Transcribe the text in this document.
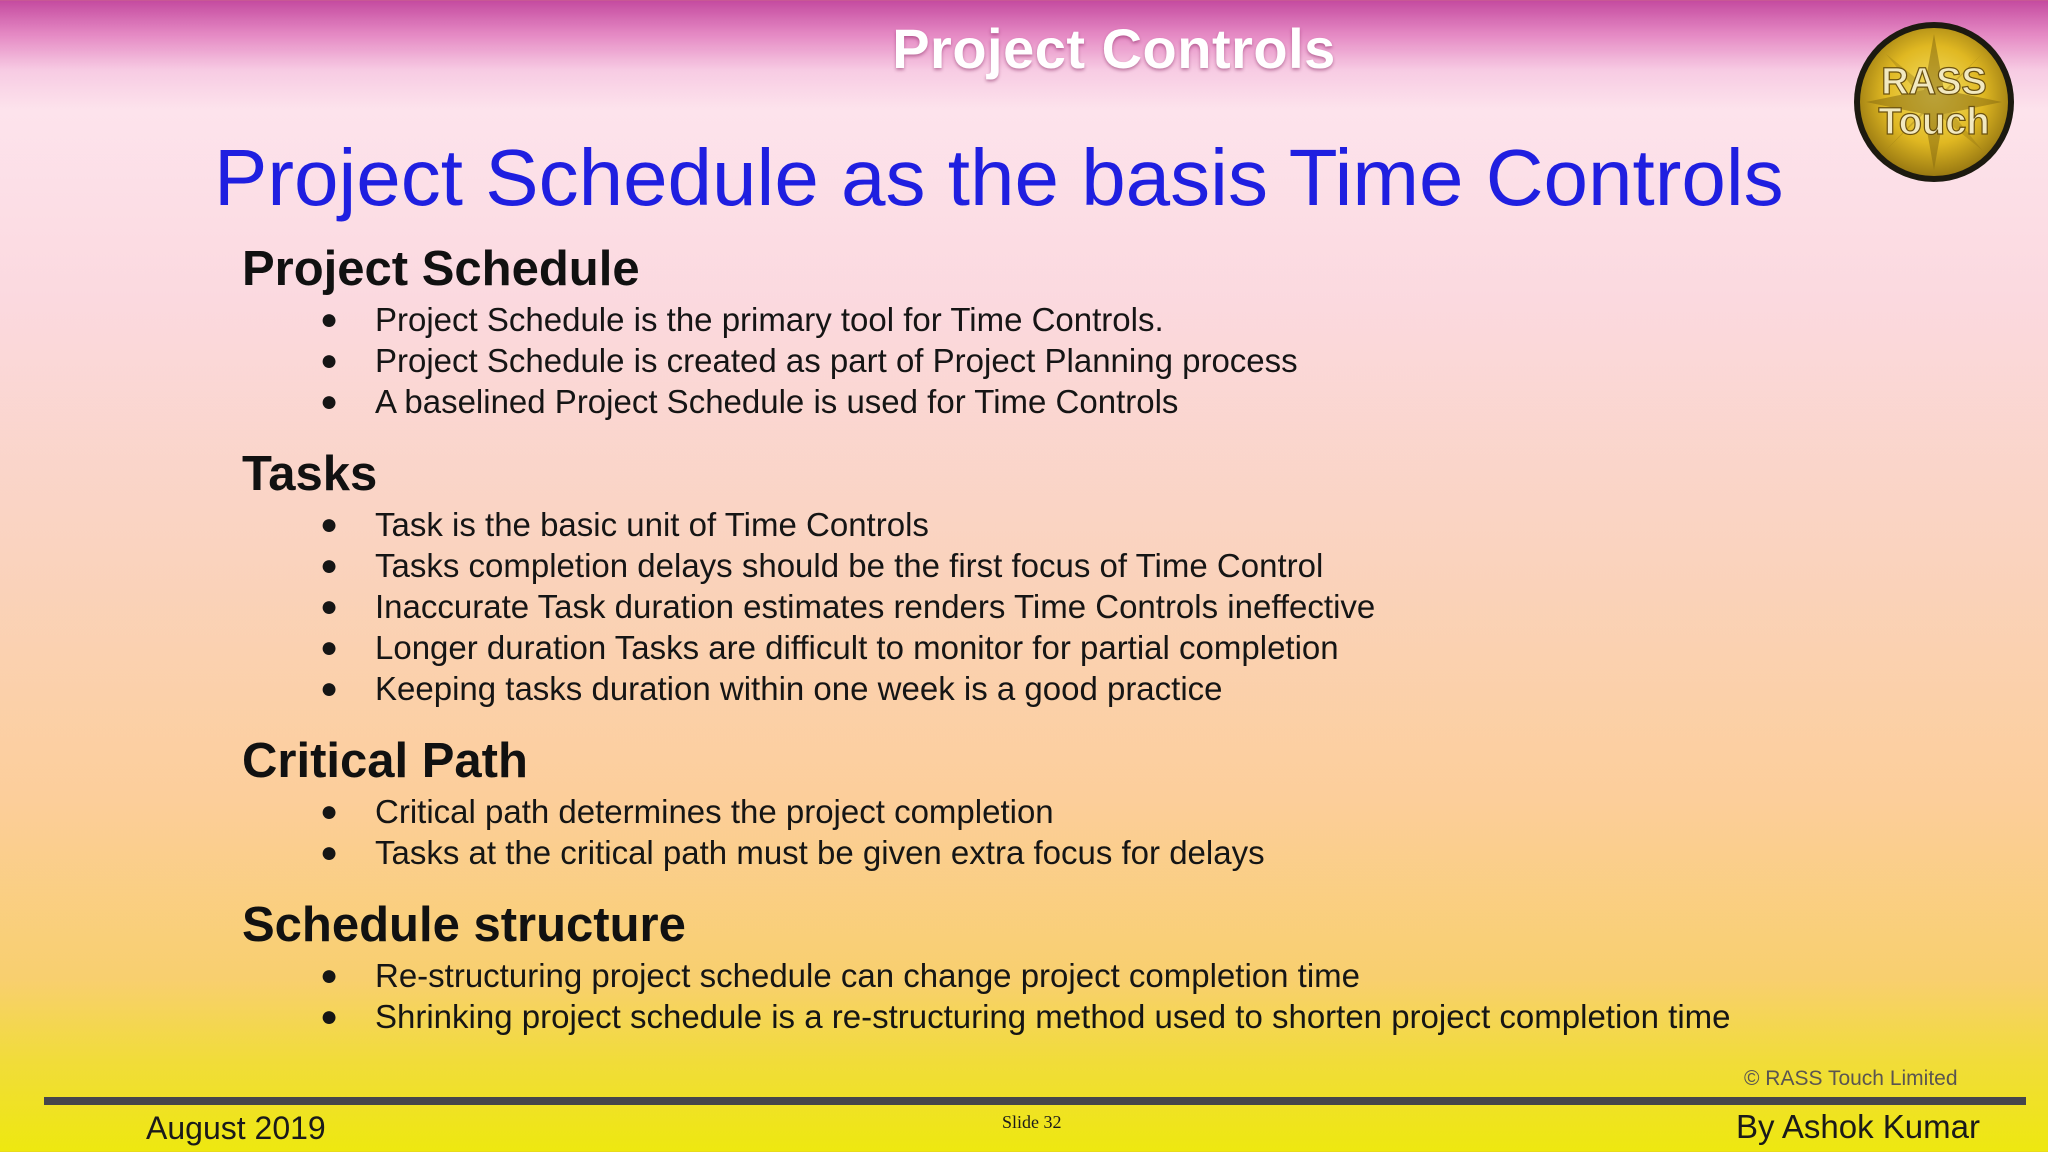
Project Controls
RASS
Touch
Project Schedule as the basis Time Controls
Project Schedule
● Project Schedule is the primary tool for Time Controls.
● Project Schedule is created as part of Project Planning process
● A baselined Project Schedule is used for Time Controls
Tasks
● Task is the basic unit of Time Controls
● Tasks completion delays should be the first focus of Time Control
● Inaccurate Task duration estimates renders Time Controls ineffective
● Longer duration Tasks are difficult to monitor for partial completion
● Keeping tasks duration within one week is a good practice
Critical Path
● Critical path determines the project completion
● Tasks at the critical path must be given extra focus for delays
Schedule structure
● Re-structuring project schedule can change project completion time
● Shrinking project schedule is a re-structuring method used to shorten project completion time
© RASS Touch Limited
August 2019	Slide 32	By Ashok Kumar
